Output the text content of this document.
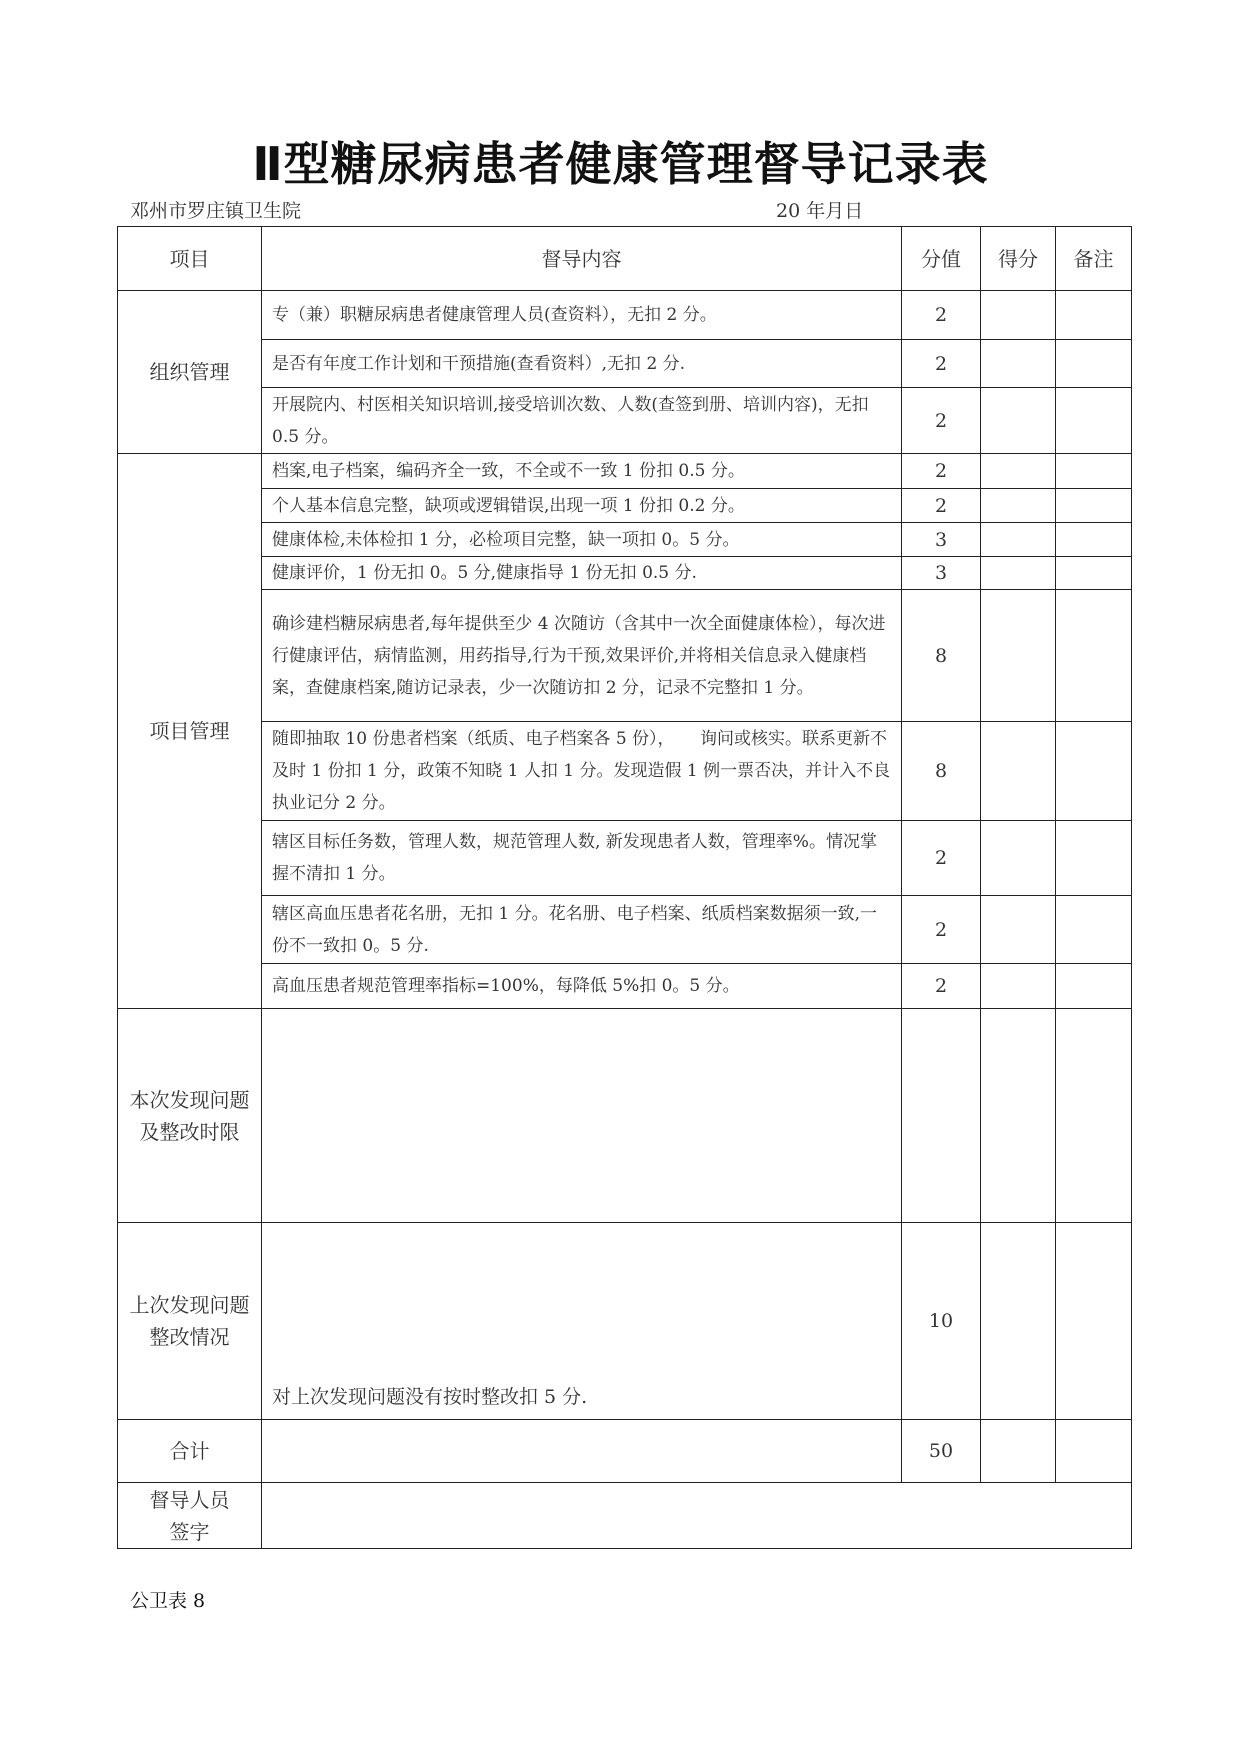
Ⅱ型糖尿病患者健康管理督导记录表
邓州市罗庄镇卫生院	20 年月日
项目	督导内容	分值	得分	备注
组织管理	专（兼）职糖尿病患者健康管理人员(查资料），无扣 2 分。	2		
	是否有年度工作计划和干预措施(查看资料）,无扣 2 分.	2		
	开展院内、村医相关知识培训,接受培训次数、人数(查签到册、培训内容)，无扣 0.5 分。	2		
项目管理	档案,电子档案，编码齐全一致，不全或不一致 1 份扣 0.5 分。	2		
	个人基本信息完整，缺项或逻辑错误,出现一项 1 份扣 0.2 分。	2		
	健康体检,未体检扣 1 分，必检项目完整，缺一项扣 0。5 分。	3		
	健康评价，1 份无扣 0。5 分,健康指导 1 份无扣 0.5 分.	3		
	确诊建档糖尿病患者,每年提供至少 4 次随访（含其中一次全面健康体检），每次进行健康评估，病情监测，用药指导,行为干预,效果评价,并将相关信息录入健康档案，查健康档案,随访记录表，少一次随访扣 2 分，记录不完整扣 1 分。	8		
	随即抽取 10 份患者档案（纸质、电子档案各 5 份），　　询问或核实。联系更新不及时 1 份扣 1 分，政策不知晓 1 人扣 1 分。发现造假 1 例一票否决，并计入不良执业记分 2 分。	8		
	辖区目标任务数，管理人数，规范管理人数, 新发现患者人数，管理率%。情况掌握不清扣 1 分。	2		
	辖区高血压患者花名册，无扣 1 分。花名册、电子档案、纸质档案数据须一致,一份不一致扣 0。5 分.	2		
	高血压患者规范管理率指标=100%，每降低 5%扣 0。5 分。	2		
本次发现问题及整改时限				
上次发现问题整改情况	对上次发现问题没有按时整改扣 5 分.	10		
合计		50		
督导人员签字				
公卫表 8
